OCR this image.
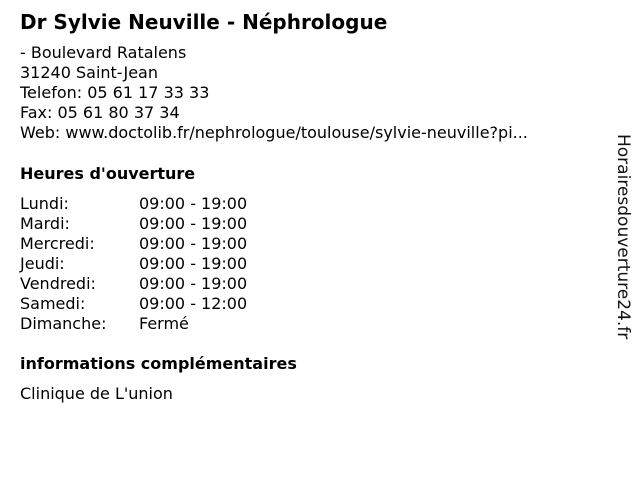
Dr Sylvie Neuville - Néphrologue
- Boulevard Ratalens
31240 Saint-Jean
Telefon: 05 61 17 33 33
Fax: 05 61 80 37 34
Web: www.doctolib.fr/nephrologue/toulouse/sylvie-neuville?pi...
Heures d'ouverture
Lundi:	09:00 - 19:00
Mardi:	09:00 - 19:00
Mercredi:	09:00 - 19:00
Jeudi:	09:00 - 19:00
Vendredi:	09:00 - 19:00
Samedi:	09:00 - 12:00
Dimanche:	Fermé
informations complémentaires
Clinique de L'union
Horairesdouverture24.fr
